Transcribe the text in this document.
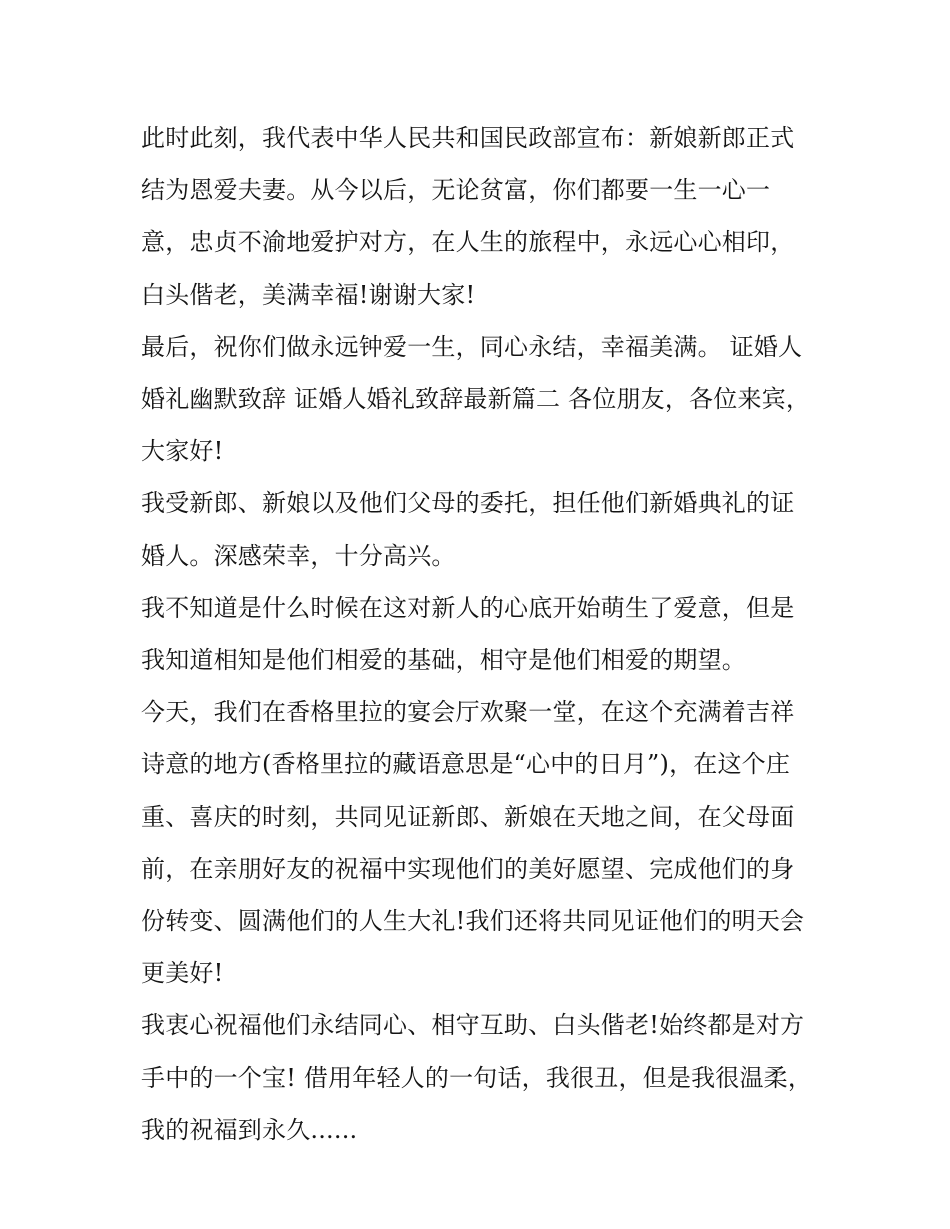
此时此刻，我代表中华人民共和国民政部宣布：新娘新郎正式结为恩爱夫妻。从今以后，无论贫富，你们都要一生一心一意，忠贞不渝地爱护对方，在人生的旅程中，永远心心相印，白头偕老，美满幸福!谢谢大家!

最后，祝你们做永远钟爱一生，同心永结，幸福美满。 证婚人婚礼幽默致辞 证婚人婚礼致辞最新篇二 各位朋友，各位来宾，大家好!

我受新郎、新娘以及他们父母的委托，担任他们新婚典礼的证婚人。深感荣幸，十分高兴。

我不知道是什么时候在这对新人的心底开始萌生了爱意，但是我知道相知是他们相爱的基础，相守是他们相爱的期望。

今天，我们在香格里拉的宴会厅欢聚一堂，在这个充满着吉祥诗意的地方(香格里拉的藏语意思是“心中的日月”)，在这个庄重、喜庆的时刻，共同见证新郎、新娘在天地之间，在父母面前，在亲朋好友的祝福中实现他们的美好愿望、完成他们的身份转变、圆满他们的人生大礼!我们还将共同见证他们的明天会更美好!

我衷心祝福他们永结同心、相守互助、白头偕老!始终都是对方手中的一个宝! 借用年轻人的一句话，我很丑，但是我很温柔，我的祝福到永久......
